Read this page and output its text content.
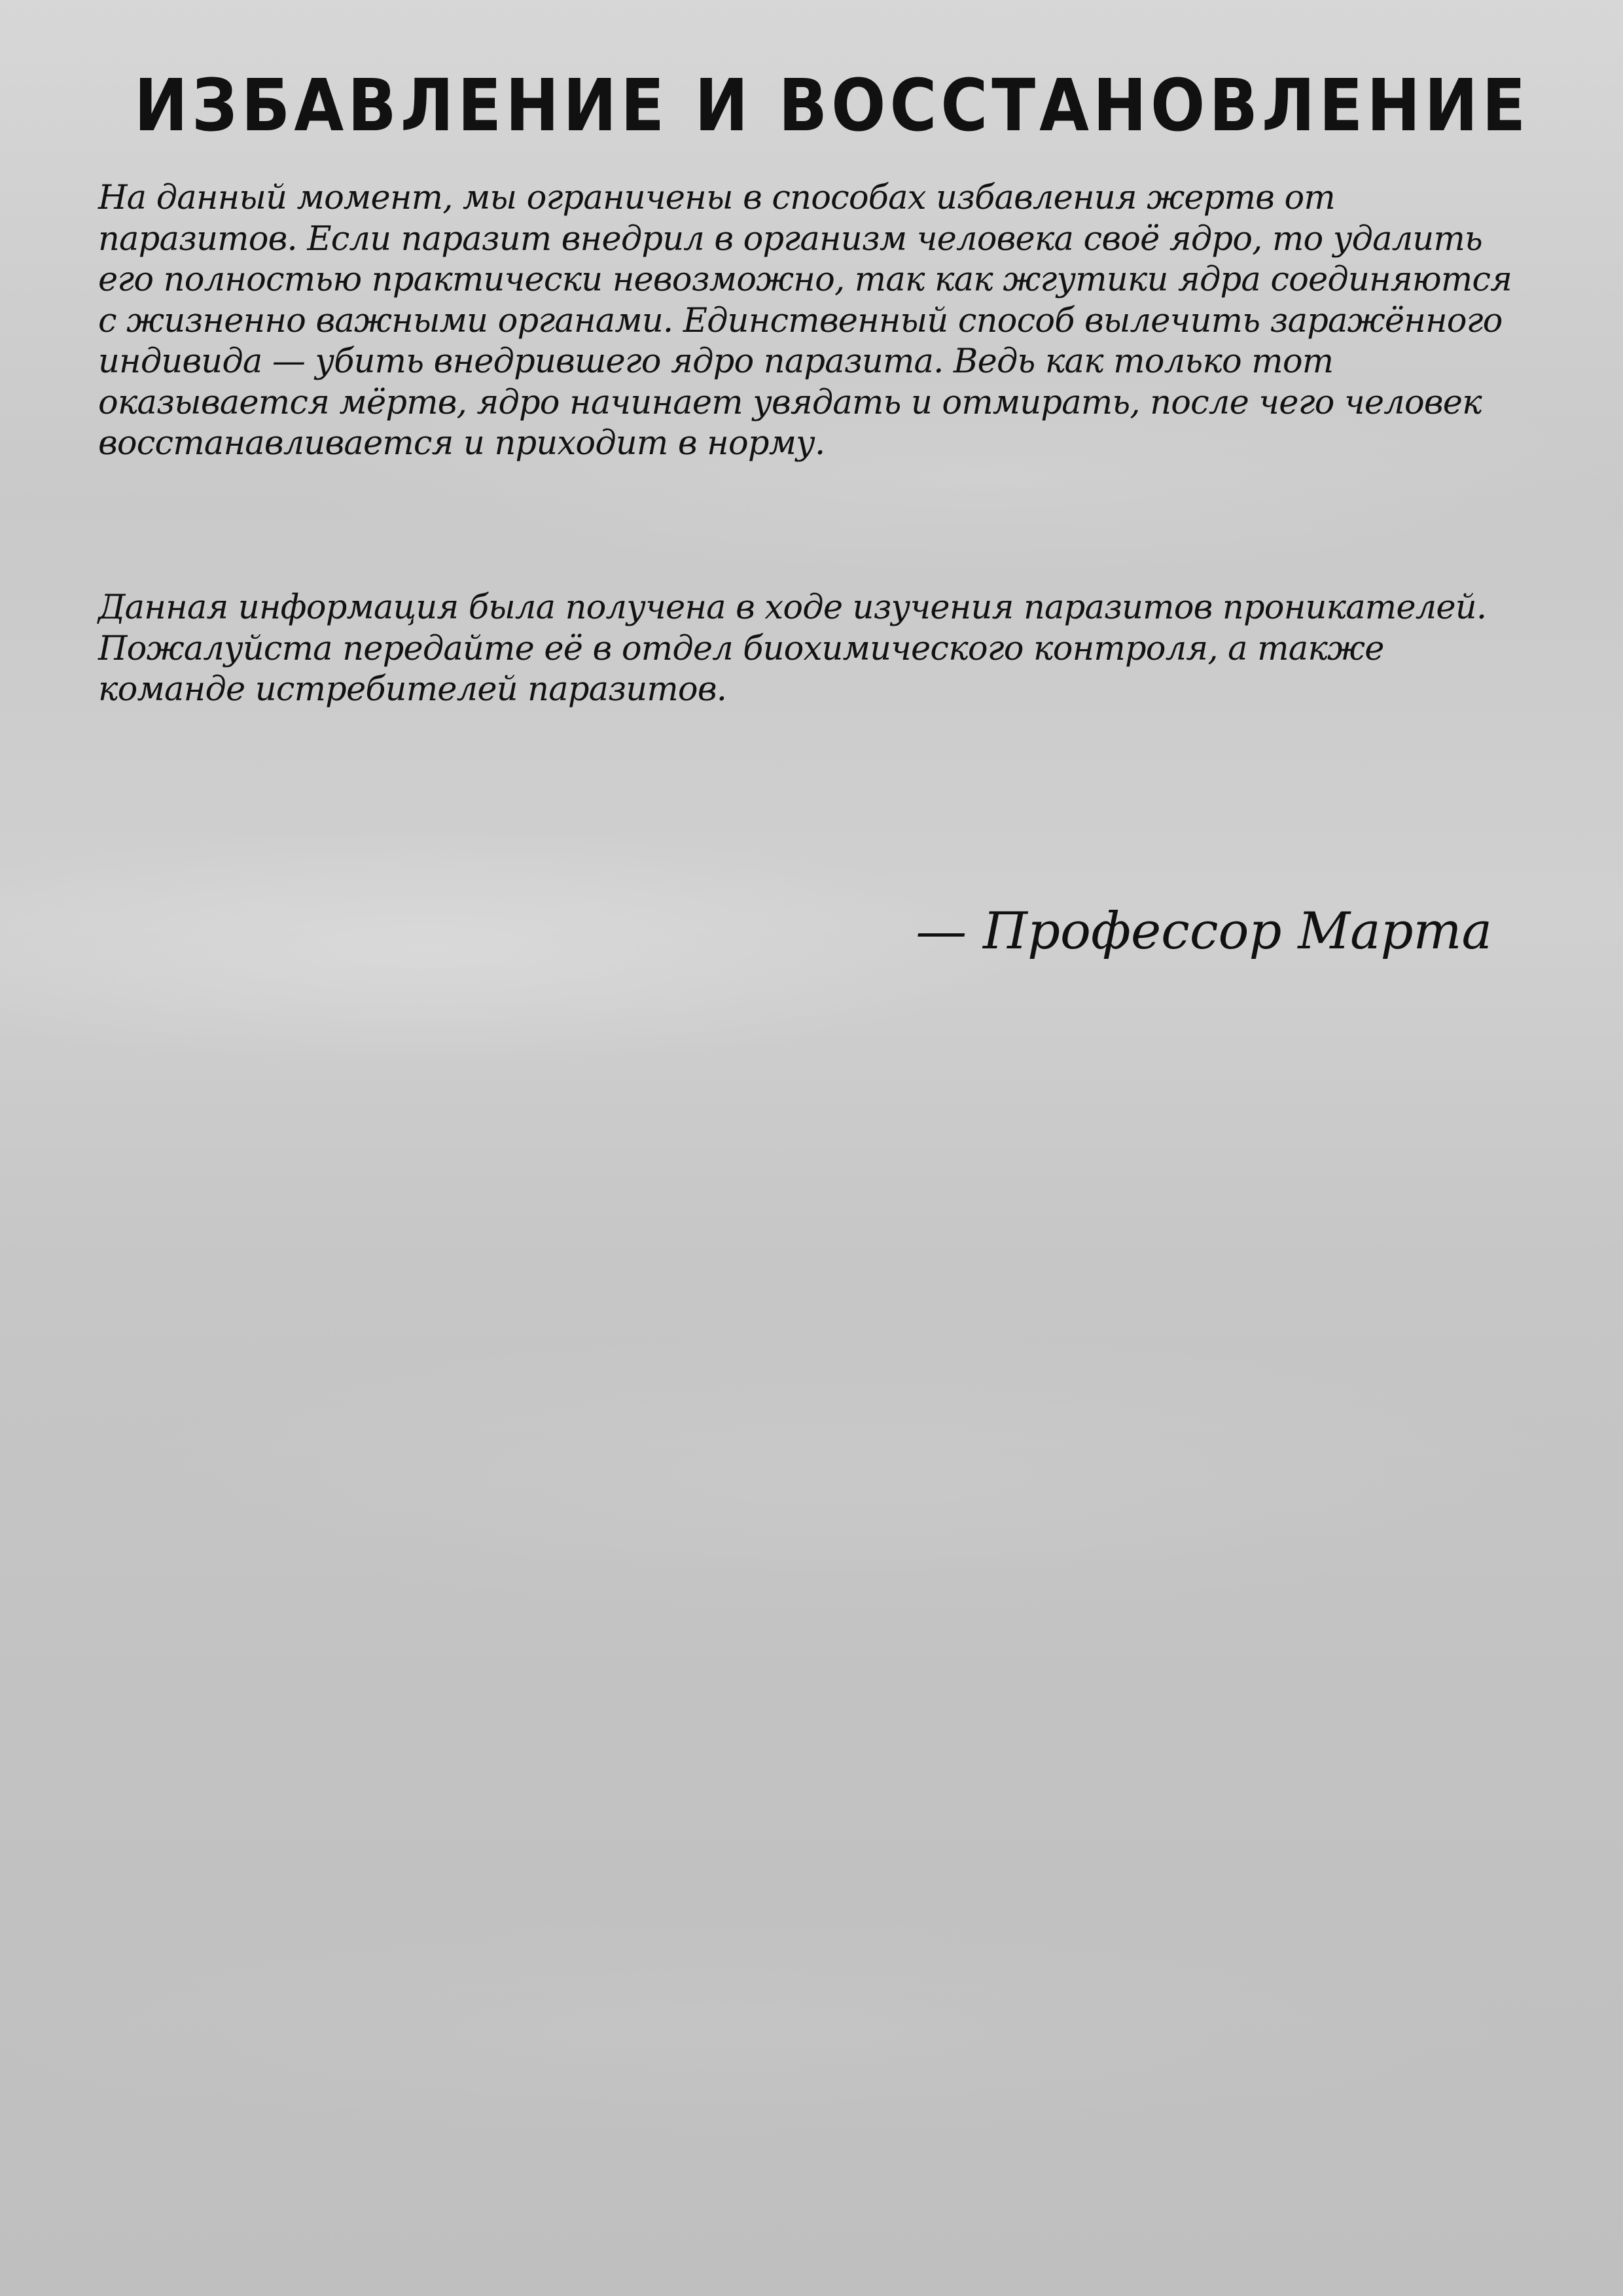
ИЗБАВЛЕНИЕ И ВОССТАНОВЛЕНИЕ

На данный момент, мы ограничены в способах избавления жертв от паразитов. Если паразит внедрил в организм человека своё ядро, то удалить его полностью практически невозможно, так как жгутики ядра соединяются с жизненно важными органами. Единственный способ вылечить заражённого индивида — убить внедрившего ядро паразита. Ведь как только тот оказывается мёртв, ядро начинает увядать и отмирать, после чего человек восстанавливается и приходит в норму.

Данная информация была получена в ходе изучения паразитов проникателей. Пожалуйста передайте её в отдел биохимического контроля, а также команде истребителей паразитов.

— Профессор Марта
